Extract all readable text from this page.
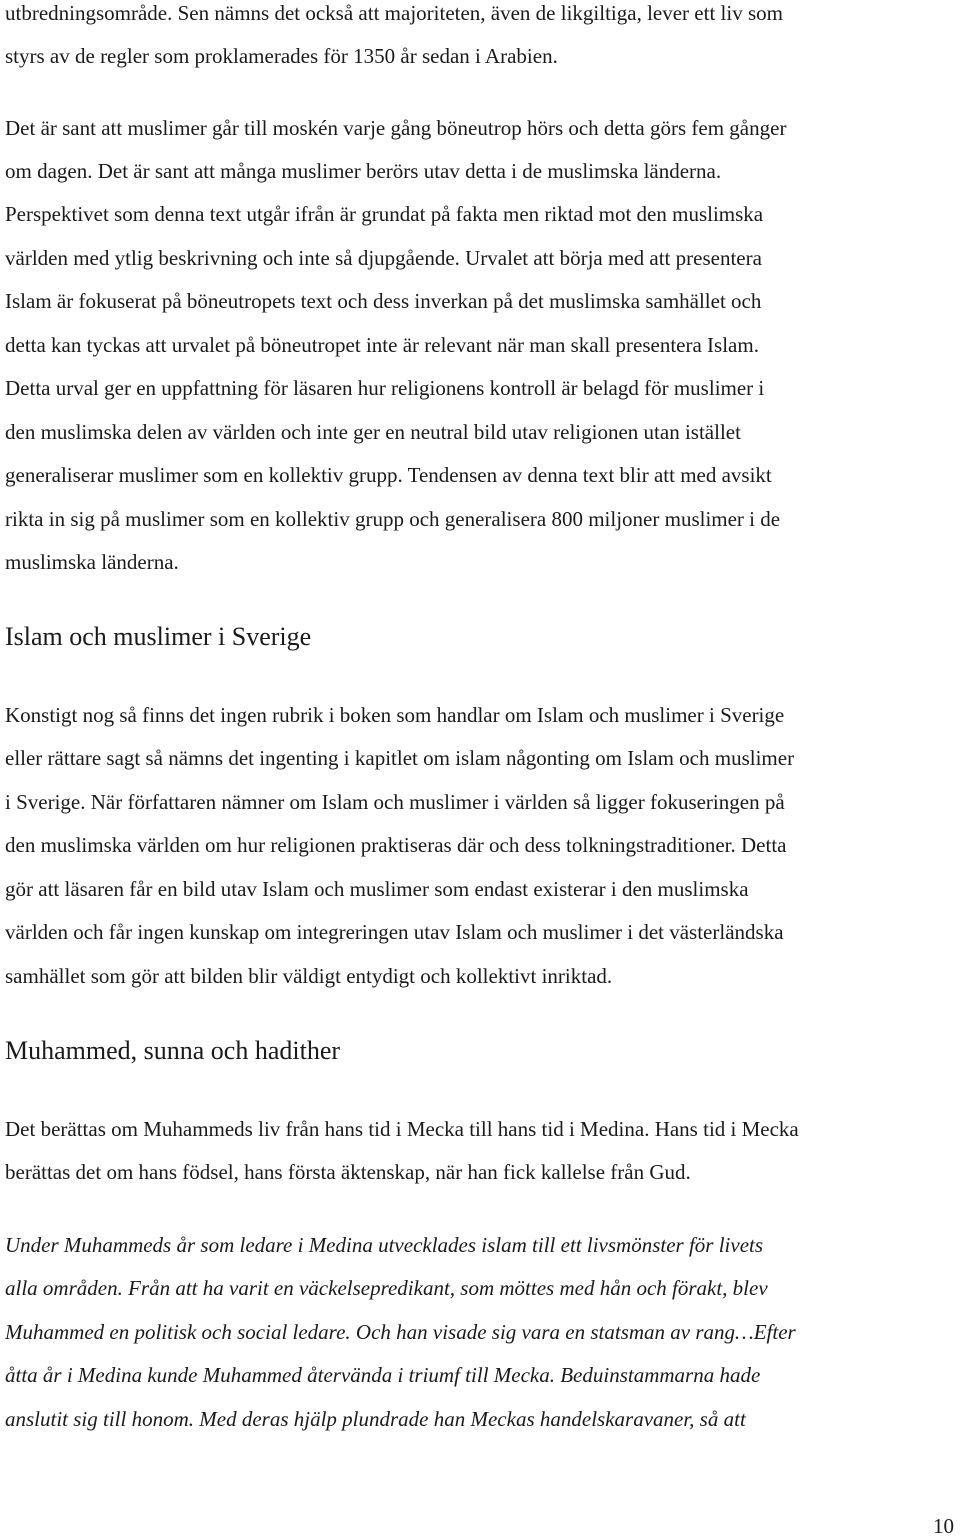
utbredningsområde. Sen nämns det också att majoriteten, även de likgiltiga, lever ett liv som
styrs av de regler som proklamerades för 1350 år sedan i Arabien.
Det är sant att muslimer går till moskén varje gång böneutrop hörs och detta görs fem gånger
om dagen. Det är sant att många muslimer berörs utav detta i de muslimska länderna.
Perspektivet som denna text utgår ifrån är grundat på fakta men riktad mot den muslimska
världen med ytlig beskrivning och inte så djupgående. Urvalet att börja med att presentera
Islam är fokuserat på böneutropets text och dess inverkan på det muslimska samhället och
detta kan tyckas att urvalet på böneutropet inte är relevant när man skall presentera Islam.
Detta urval ger en uppfattning för läsaren hur religionens kontroll är belagd för muslimer i
den muslimska delen av världen och inte ger en neutral bild utav religionen utan istället
generaliserar muslimer som en kollektiv grupp. Tendensen av denna text blir att med avsikt
rikta in sig på muslimer som en kollektiv grupp och generalisera 800 miljoner muslimer i de
muslimska länderna.
Islam och muslimer i Sverige
Konstigt nog så finns det ingen rubrik i boken som handlar om Islam och muslimer i Sverige
eller rättare sagt så nämns det ingenting i kapitlet om islam någonting om Islam och muslimer
i Sverige. När författaren nämner om Islam och muslimer i världen så ligger fokuseringen på
den muslimska världen om hur religionen praktiseras där och dess tolkningstraditioner. Detta
gör att läsaren får en bild utav Islam och muslimer som endast existerar i den muslimska
världen och får ingen kunskap om integreringen utav Islam och muslimer i det västerländska
samhället som gör att bilden blir väldigt entydigt och kollektivt inriktad.
Muhammed, sunna och hadither
Det berättas om Muhammeds liv från hans tid i Mecka till hans tid i Medina. Hans tid i Mecka
berättas det om hans födsel, hans första äktenskap, när han fick kallelse från Gud.
Under Muhammeds år som ledare i Medina utvecklades islam till ett livsmönster för livets
alla områden. Från att ha varit en väckelsepredikant, som möttes med hån och förakt, blev
Muhammed en politisk och social ledare. Och han visade sig vara en statsman av rang…Efter
åtta år i Medina kunde Muhammed återvända i triumf till Mecka. Beduinstammarna hade
anslutit sig till honom. Med deras hjälp plundrade han Meckas handelskaravaner, så att
10
